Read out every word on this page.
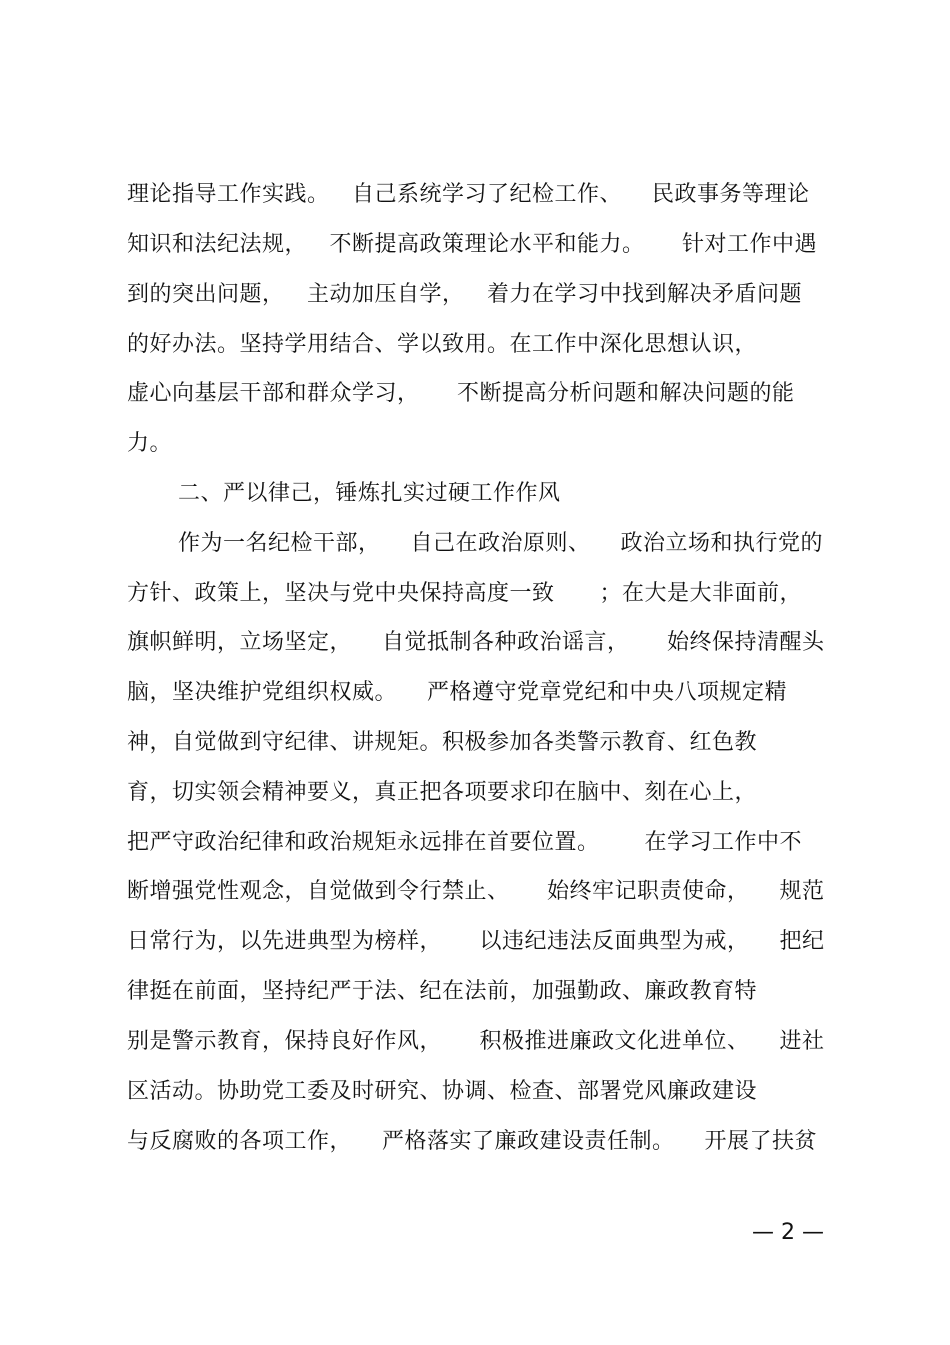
理论指导工作实践。   自己系统学习了纪检工作、    民政事务等理论
知识和法纪法规，   不断提高政策理论水平和能力。     针对工作中遇
到的突出问题，   主动加压自学，   着力在学习中找到解决矛盾问题
的好办法。坚持学用结合、学以致用。在工作中深化思想认识，
虚心向基层干部和群众学习，     不断提高分析问题和解决问题的能
力。
二、严以律己，锤炼扎实过硬工作作风
作为一名纪检干部，    自己在政治原则、    政治立场和执行党的
方针、政策上，坚决与党中央保持高度一致      ；在大是大非面前，
旗帜鲜明，立场坚定，    自觉抵制各种政治谣言，     始终保持清醒头
脑，坚决维护党组织权威。    严格遵守党章党纪和中央八项规定精
神，自觉做到守纪律、讲规矩。积极参加各类警示教育、红色教
育，切实领会精神要义，真正把各项要求印在脑中、刻在心上，
把严守政治纪律和政治规矩永远排在首要位置。      在学习工作中不
断增强党性观念，自觉做到令行禁止、     始终牢记职责使命，    规范
日常行为，以先进典型为榜样，     以违纪违法反面典型为戒，    把纪
律挺在前面，坚持纪严于法、纪在法前，加强勤政、廉政教育特
别是警示教育，保持良好作风，     积极推进廉政文化进单位、    进社
区活动。协助党工委及时研究、协调、检查、部署党风廉政建设
与反腐败的各项工作，    严格落实了廉政建设责任制。    开展了扶贫
— 2 —
